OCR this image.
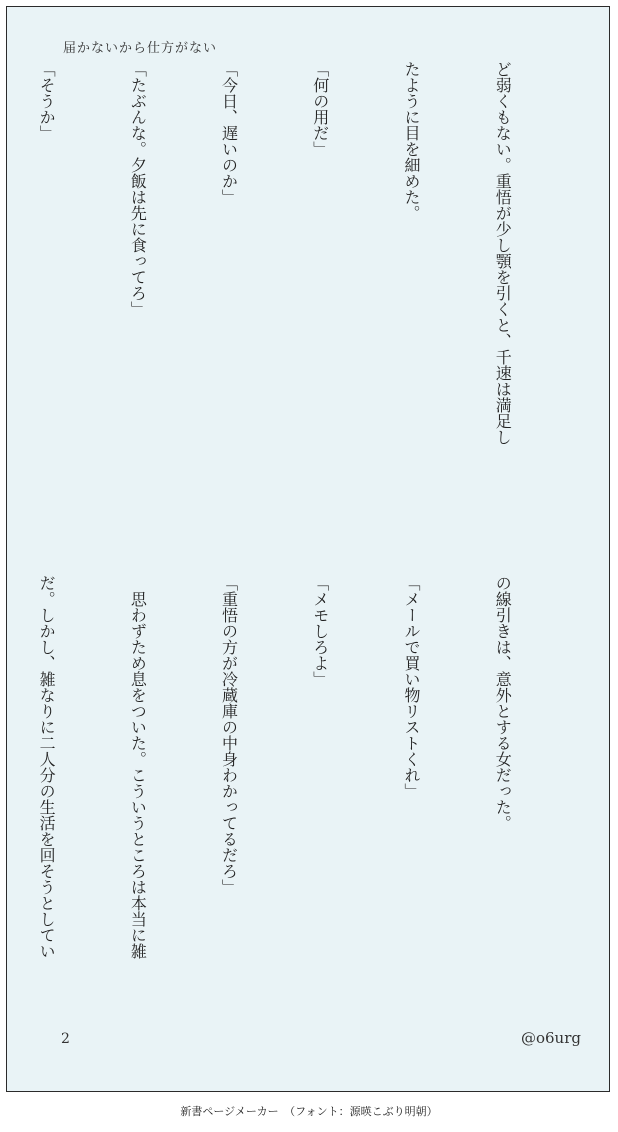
届かないから仕方がない

ど弱くもない。重悟が少し顎を引くと、千速は満足し

たように目を細めた。

「何の用だ」

「今日、遅いのか」

「たぶんな。夕飯は先に食ってろ」

「そうか」

の線引きは、意外とする女だった。

「メールで買い物リストくれ」

「メモしろよ」

「重悟の方が冷蔵庫の中身わかってるだろ」

　思わずため息をついた。こういうところは本当に雑

だ。しかし、雑なりに二人分の生活を回そうとしてい

2	@o6urg
新書ページメーカー　（フォント：源暎こぶり明朝）
